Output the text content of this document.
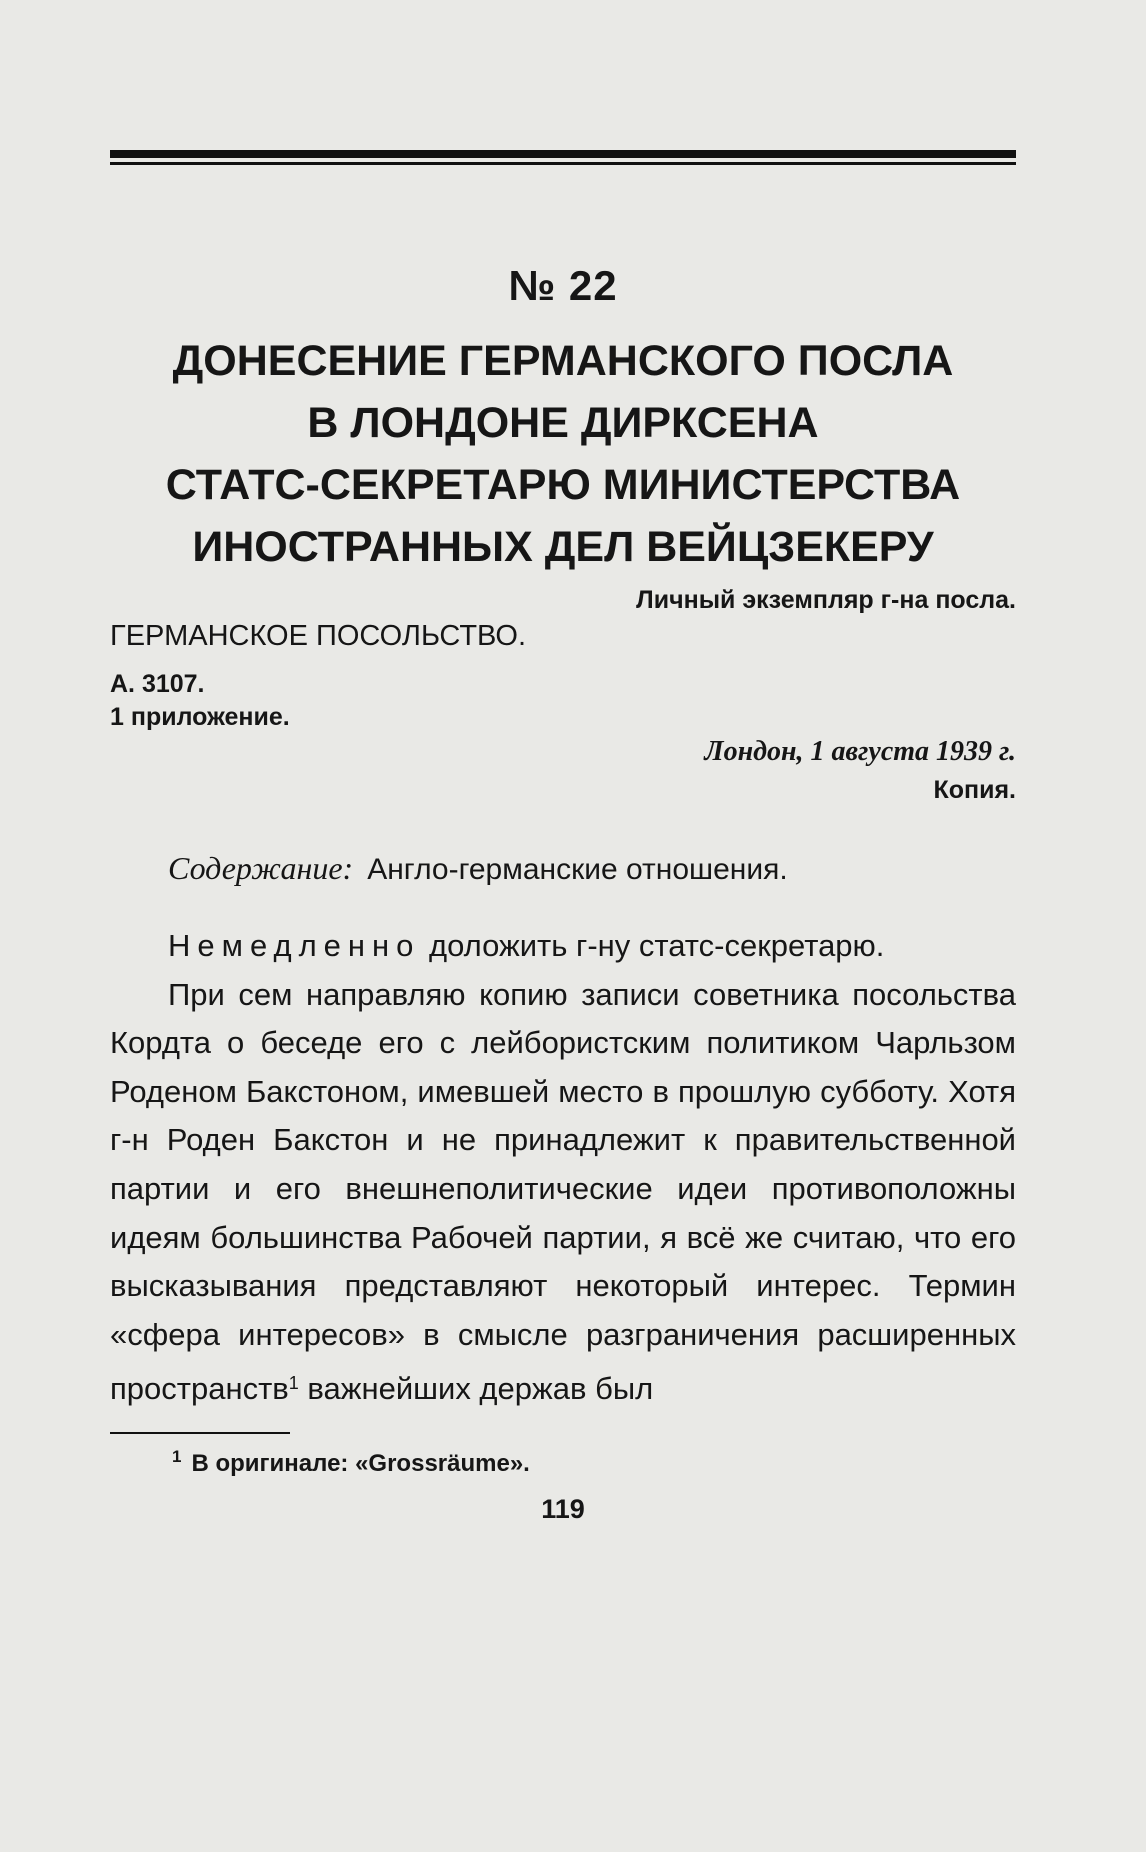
№ 22
ДОНЕСЕНИЕ ГЕРМАНСКОГО ПОСЛА
В ЛОНДОНЕ ДИРКСЕНА
СТАТС-СЕКРЕТАРЮ МИНИСТЕРСТВА
ИНОСТРАННЫХ ДЕЛ ВЕЙЦЗЕКЕРУ
Личный экземпляр г-на посла.
ГЕРМАНСКОЕ ПОСОЛЬСТВО.
А. 3107.
1 приложение.
Лондон, 1 августа 1939 г.
Копия.
Содержание: Англо-германские отношения.

Немедленно доложить г-ну статс-секретарю.

При сем направляю копию записи советника посольства Кордта о беседе его с лейбористским политиком Чарльзом Роденом Бакстоном, имевшей место в прошлую субботу. Хотя г-н Роден Бакстон и не принадлежит к правительственной партии и его внешнеполитические идеи противоположны идеям большинства Рабочей партии, я всё же считаю, что его высказывания представляют некоторый интерес. Термин «сфера интересов» в смысле разграничения расширенных пространств$^1$ важнейших держав был

$^1$ В оригинале: «Grossräume».
119
